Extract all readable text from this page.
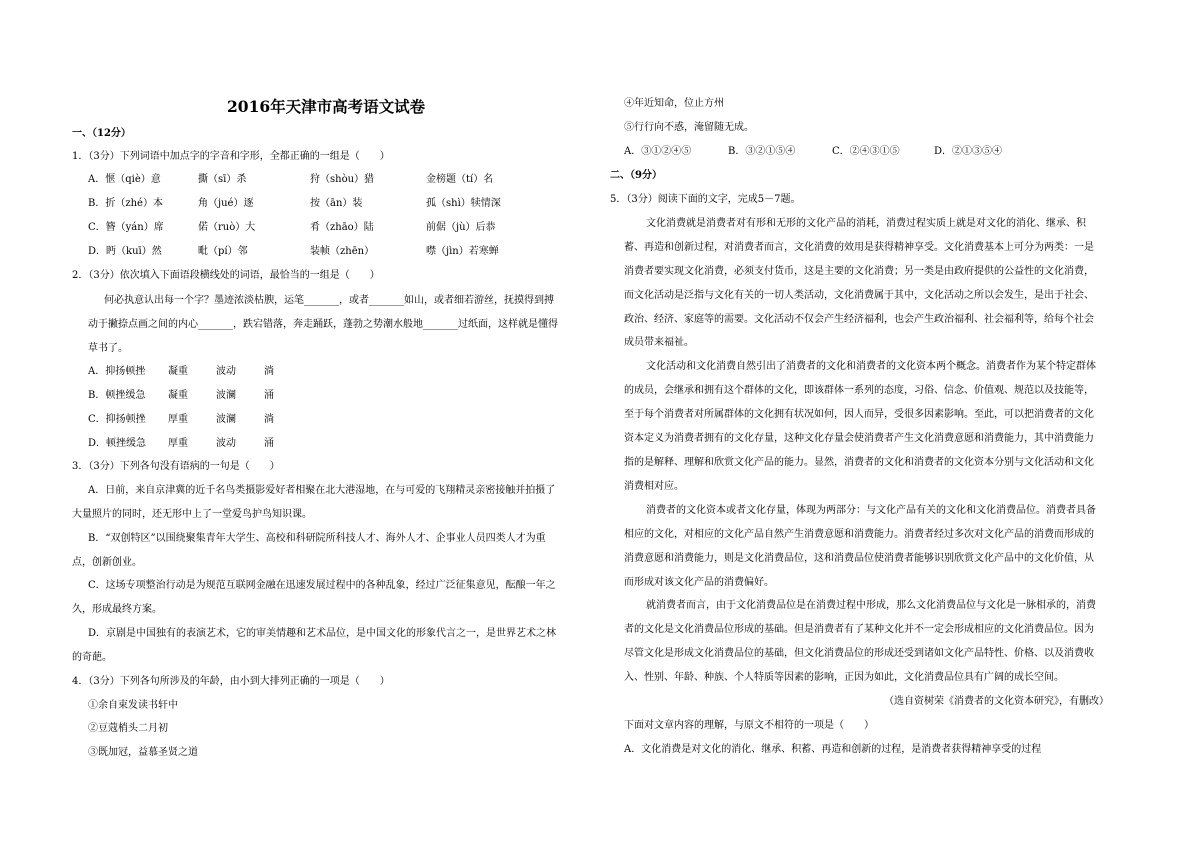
2016年天津市高考语文试卷
一、（12分）
1．（3分）下列词语中加点字的字音和字形，全都正确的一组是（　　）
A．惬（qiè）意	撕（sī）杀	狩（shòu）猎	金榜题（tí）名
B．折（zhé）本	角（jué）逐	按（ān）装	孤（shì）犊情深
C．簪（yán）席	偌（ruò）大	肴（zhāo）陆	前倨（jù）后恭
D．眄（kuī）然	毗（pí）邻	装帧（zhēn）	噤（jìn）若寒蝉
2．（3分）依次填入下面语段横线处的词语，最恰当的一组是（　　）
何必执意认出每一个字？墨迹浓淡枯腴，运笔_______，或者_______如山，或者细若游丝，抚摸得到搏
动于撇捺点画之间的内心_______，跌宕错落，奔走踊跃，蓬勃之势潮水般地_______过纸面，这样就是懂得
草书了。
A．抑扬顿挫 凝重	波动	淌
B．顿挫缓急 凝重	波澜	涌
C．抑扬顿挫 厚重	波澜	淌
D．顿挫缓急 厚重	波动	涌
3．（3分）下列各句没有语病的一句是（　　）
A．日前，来自京津冀的近千名鸟类摄影爱好者相聚在北大港湿地，在与可爱的飞翔精灵亲密接触并拍摄了
大量照片的同时，还无形中上了一堂爱鸟护鸟知识课。
B．“双创特区”以围绕聚集青年大学生、高校和科研院所科技人才、海外人才、企事业人员四类人才为重
点，创新创业。
C．这场专项整治行动是为规范互联网金融在迅速发展过程中的各种乱象，经过广泛征集意见，酝酿一年之
久，形成最终方案。
D．京剧是中国独有的表演艺术，它的审美情趣和艺术品位，是中国文化的形象代言之一，是世界艺术之林
的奇葩。
4．（3分）下列各句所涉及的年龄，由小到大排列正确的一项是（　　）
①余自束发读书轩中
②豆蔻梢头二月初
③既加冠，益慕圣贤之道
④年近知命，位止方州
⑤行行向不惑，淹留随无成。
A．③①②④⑤	B．③②①⑤④	C．②④③①⑤	D．②①③⑤④
二、（9分）
5．（3分）阅读下面的文字，完成5－7题。
文化消费就是消费者对有形和无形的文化产品的消耗，消费过程实质上就是对文化的消化、继承、积
蓄、再造和创新过程，对消费者而言，文化消费的效用是获得精神享受。文化消费基本上可分为两类：一是
消费者要实现文化消费，必须支付货币，这是主要的文化消费；另一类是由政府提供的公益性的文化消费，
而文化活动是泛指与文化有关的一切人类活动，文化消费属于其中，文化活动之所以会发生，是出于社会、
政治、经济、家庭等的需要。文化活动不仅会产生经济福利，也会产生政治福利、社会福利等，给每个社会
成员带来福祉。
文化活动和文化消费自然引出了消费者的文化和消费者的文化资本两个概念。消费者作为某个特定群体
的成员，会继承和拥有这个群体的文化，即该群体一系列的态度，习俗、信念、价值观、规范以及技能等，
至于每个消费者对所属群体的文化拥有状况如何，因人而异，受很多因素影响。至此，可以把消费者的文化
资本定义为消费者拥有的文化存量，这种文化存量会使消费者产生文化消费意愿和消费能力，其中消费能力
指的是解释、理解和欣赏文化产品的能力。显然，消费者的文化和消费者的文化资本分别与文化活动和文化
消费相对应。
消费者的文化资本或者文化存量，体现为两部分：与文化产品有关的文化和文化消费品位。消费者具备
相应的文化，对相应的文化产品自然产生消费意愿和消费能力。消费者经过多次对文化产品的消费而形成的
消费意愿和消费能力，则是文化消费品位，这和消费品位使消费者能够识别欣赏文化产品中的文化价值，从
而形成对该文化产品的消费偏好。
就消费者而言，由于文化消费品位是在消费过程中形成，那么文化消费品位与文化是一脉相承的，消费
者的文化是文化消费品位形成的基础。但是消费者有了某种文化并不一定会形成相应的文化消费品位。因为
尽管文化是形成文化消费品位的基础，但文化消费品位的形成还受到诸如文化产品特性、价格、以及消费收
入、性别、年龄、种族、个人特质等因素的影响，正因为如此，文化消费品位具有广阔的成长空间。
（选自资树荣《消费者的文化资本研究》，有删改）
下面对文章内容的理解，与原文不相符的一项是（　　）
A．文化消费是对文化的消化、继承、积蓄、再造和创新的过程，是消费者获得精神享受的过程
